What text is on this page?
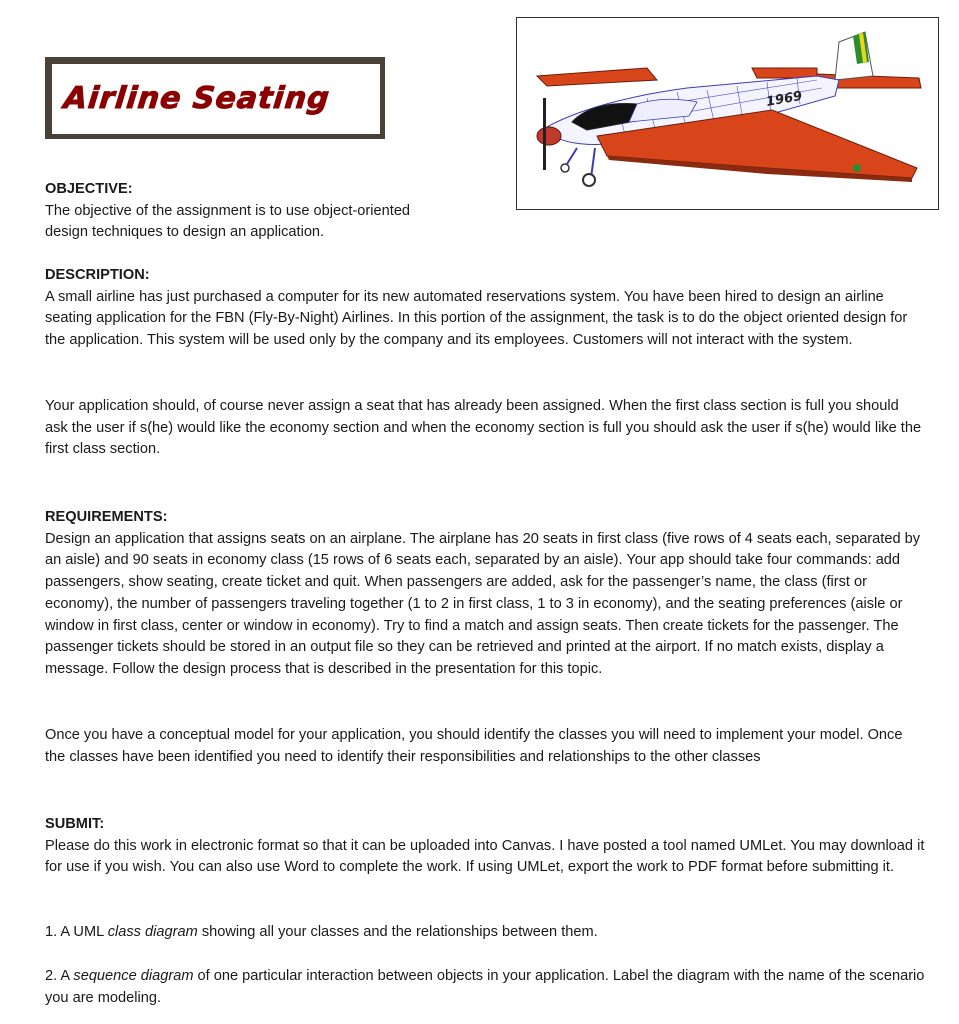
Airline Seating	1969

OBJECTIVE:

The objective of the assignment is to use object-oriented

design techniques to design an application.

DESCRIPTION:

A small airline has just purchased a computer for its new automated reservations system. You have been hired to design an airline seating application for the FBN (Fly-By-Night) Airlines. In this portion of the assignment, the task is to do the object oriented design for the application. This system will be used only by the company and its employees. Customers will not interact with the system.

Your application should, of course never assign a seat that has already been assigned. When the first class section is full you should ask the user if s(he) would like the economy section and when the economy section is full you should ask the user if s(he) would like the first class section.

REQUIREMENTS:

Design an application that assigns seats on an airplane. The airplane has 20 seats in first class (five rows of 4 seats each, separated by an aisle) and 90 seats in economy class (15 rows of 6 seats each, separated by an aisle). Your app should take four commands: add passengers, show seating, create ticket and quit. When passengers are added, ask for the passenger’s name, the class (first or economy), the number of passengers traveling together (1 to 2 in first class, 1 to 3 in economy), and the seating preferences (aisle or window in first class, center or window in economy). Try to find a match and assign seats. Then create tickets for the passenger. The passenger tickets should be stored in an output file so they can be retrieved and printed at the airport. If no match exists, display a message. Follow the design process that is described in the presentation for this topic.

Once you have a conceptual model for your application, you should identify the classes you will need to implement your model. Once the classes have been identified you need to identify their responsibilities and relationships to the other classes

SUBMIT:

Please do this work in electronic format so that it can be uploaded into Canvas. I have posted a tool named UMLet. You may download it for use if you wish. You can also use Word to complete the work. If using UMLet, export the work to PDF format before submitting it.

1. A UML class diagram showing all your classes and the relationships between them.

2. A sequence diagram of one particular interaction between objects in your application. Label the diagram with the name of the scenario you are modeling.
